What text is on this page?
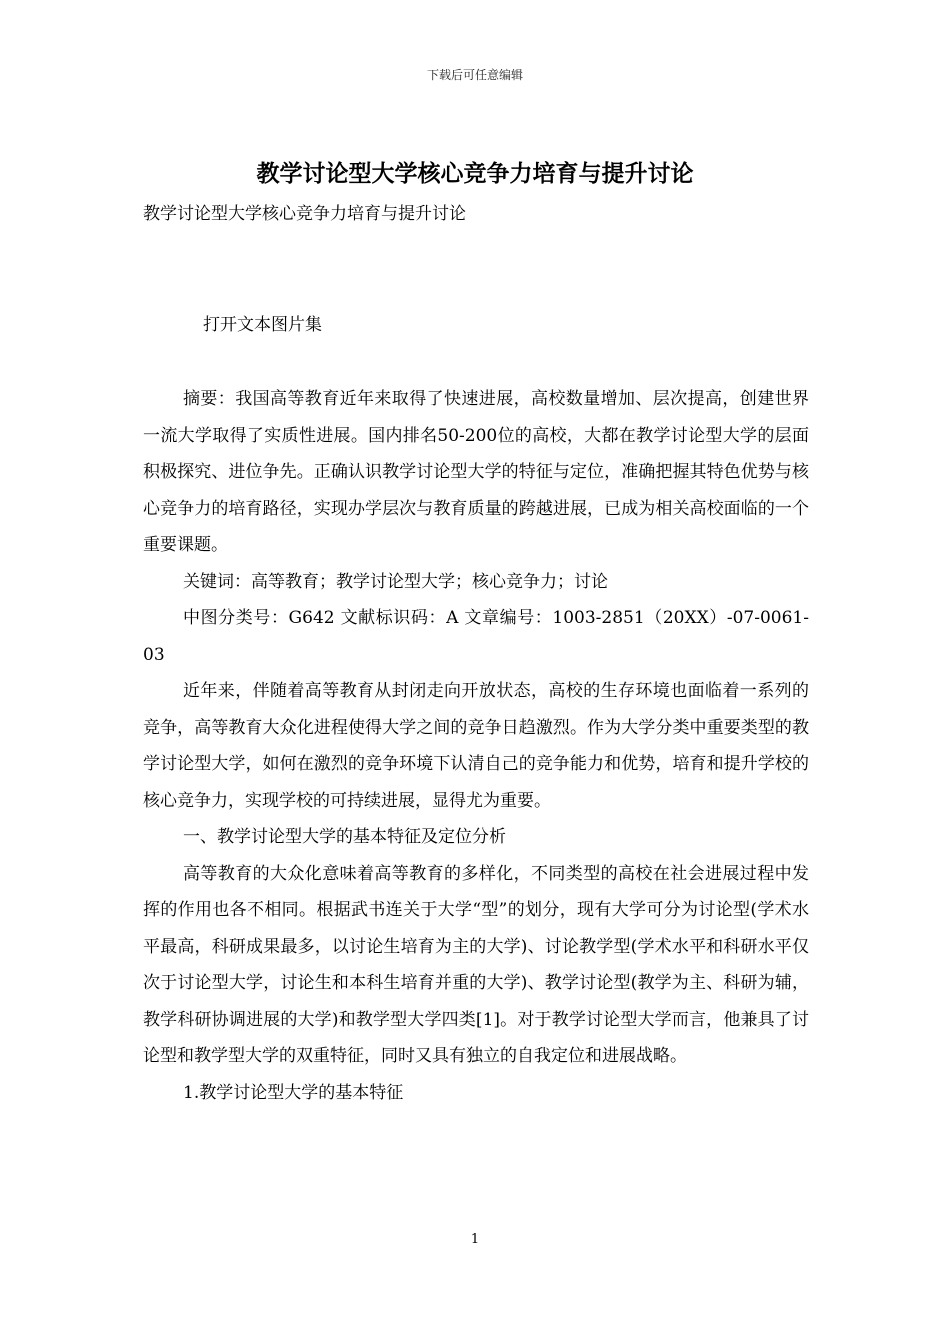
下载后可任意编辑
教学讨论型大学核心竞争力培育与提升讨论

教学讨论型大学核心竞争力培育与提升讨论

打开文本图片集

摘要：我国高等教育近年来取得了快速进展，高校数量增加、层次提高，创建世界一流大学取得了实质性进展。国内排名50-200位的高校，大都在教学讨论型大学的层面积极探究、进位争先。正确认识教学讨论型大学的特征与定位，准确把握其特色优势与核心竞争力的培育路径，实现办学层次与教育质量的跨越进展，已成为相关高校面临的一个重要课题。

关键词：高等教育；教学讨论型大学；核心竞争力；讨论

中图分类号：G642 文献标识码：A 文章编号：1003-2851（20XX）-07-0061-03

近年来，伴随着高等教育从封闭走向开放状态，高校的生存环境也面临着一系列的竞争，高等教育大众化进程使得大学之间的竞争日趋激烈。作为大学分类中重要类型的教学讨论型大学，如何在激烈的竞争环境下认清自己的竞争能力和优势，培育和提升学校的核心竞争力，实现学校的可持续进展，显得尤为重要。

一、教学讨论型大学的基本特征及定位分析

高等教育的大众化意味着高等教育的多样化，不同类型的高校在社会进展过程中发挥的作用也各不相同。根据武书连关于大学“型”的划分，现有大学可分为讨论型(学术水平最高，科研成果最多，以讨论生培育为主的大学)、讨论教学型(学术水平和科研水平仅次于讨论型大学，讨论生和本科生培育并重的大学)、教学讨论型(教学为主、科研为辅，教学科研协调进展的大学)和教学型大学四类[1]。对于教学讨论型大学而言，他兼具了讨论型和教学型大学的双重特征，同时又具有独立的自我定位和进展战略。

1.教学讨论型大学的基本特征

1
